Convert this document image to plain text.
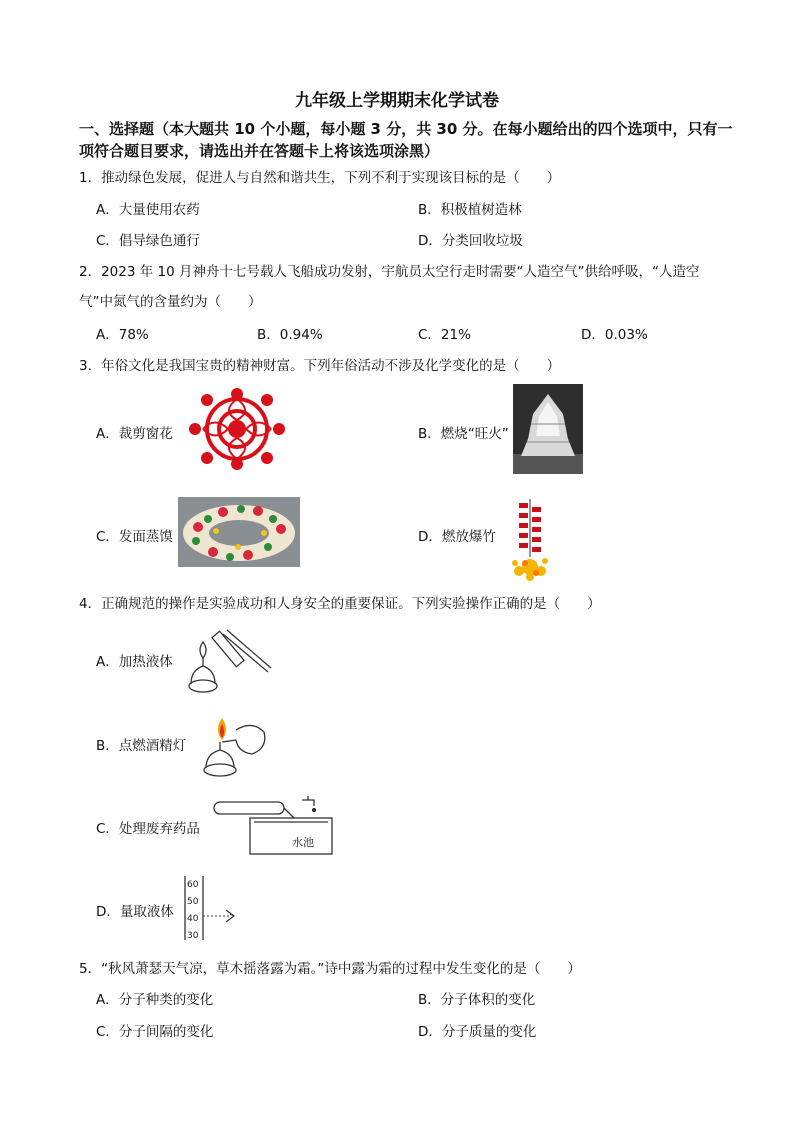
九年级上学期期末化学试卷
一、选择题（本大题共 10 个小题，每小题 3 分，共 30 分。在每小题给出的四个选项中，只有一
项符合题目要求，请选出并在答题卡上将该选项涂黑）
1．推动绿色发展，促进人与自然和谐共生，下列不利于实现该目标的是（　　）
A．大量使用农药	B．积极植树造林
C．倡导绿色通行	D．分类回收垃圾
2．2023 年 10 月神舟十七号载人飞船成功发射，宇航员太空行走时需要“人造空气”供给呼吸，“人造空
气”中氮气的含量约为（　　）
A．78%	B．0.94%	C．21%	D．0.03%
3．年俗文化是我国宝贵的精神财富。下列年俗活动不涉及化学变化的是（　　）
A．裁剪窗花	B．燃烧“旺火”
C．发面蒸馍	D．燃放爆竹
4．正确规范的操作是实验成功和人身安全的重要保证。下列实验操作正确的是（　　）
A．加热液体
B．点燃酒精灯
C．处理废弃药品
水池
D．量取液体
60
50
40
30
5．“秋风萧瑟天气凉，草木摇落露为霜。”诗中露为霜的过程中发生变化的是（　　）
A．分子种类的变化	B．分子体积的变化
C．分子间隔的变化	D．分子质量的变化
